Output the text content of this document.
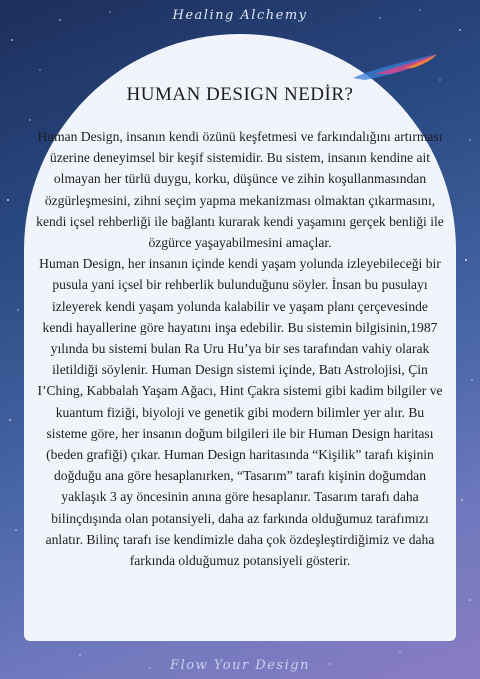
Healing Alchemy
HUMAN DESIGN NEDİR?

Human Design, insanın kendi özünü keşfetmesi ve farkındalığını artırması üzerine deneyimsel bir keşif sistemidir. Bu sistem, insanın kendine ait olmayan her türlü duygu, korku, düşünce ve zihin koşullanmasından özgürleşmesini, zihni seçim yapma mekanizması olmaktan çıkarmasını, kendi içsel rehberliği ile bağlantı kurarak kendi yaşamını gerçek benliği ile özgürce yaşayabilmesini amaçlar.

Human Design, her insanın içinde kendi yaşam yolunda izleyebileceği bir pusula yani içsel bir rehberlik bulunduğunu söyler. İnsan bu pusulayı izleyerek kendi yaşam yolunda kalabilir ve yaşam planı çerçevesinde kendi hayallerine göre hayatını inşa edebilir. Bu sistemin bilgisinin,1987 yılında bu sistemi bulan Ra Uru Hu’ya bir ses tarafından vahiy olarak iletildiği söylenir. Human Design sistemi içinde, Batı Astrolojisi, Çin I’Ching, Kabbalah Yaşam Ağacı, Hint Çakra sistemi gibi kadim bilgiler ve kuantum fiziği, biyoloji ve genetik gibi modern bilimler yer alır. Bu sisteme göre, her insanın doğum bilgileri ile bir Human Design haritası (beden grafiği) çıkar. Human Design haritasında “Kişilik” tarafı kişinin doğduğu ana göre hesaplanırken, “Tasarım” tarafı kişinin doğumdan yaklaşık 3 ay öncesinin anına göre hesaplanır. Tasarım tarafı daha bilinçdışında olan potansiyeli, daha az farkında olduğumuz tarafımızı anlatır. Bilinç tarafı ise kendimizle daha çok özdeşleştirdiğimiz ve daha farkında olduğumuz potansiyeli gösterir.

Flow Your Design
